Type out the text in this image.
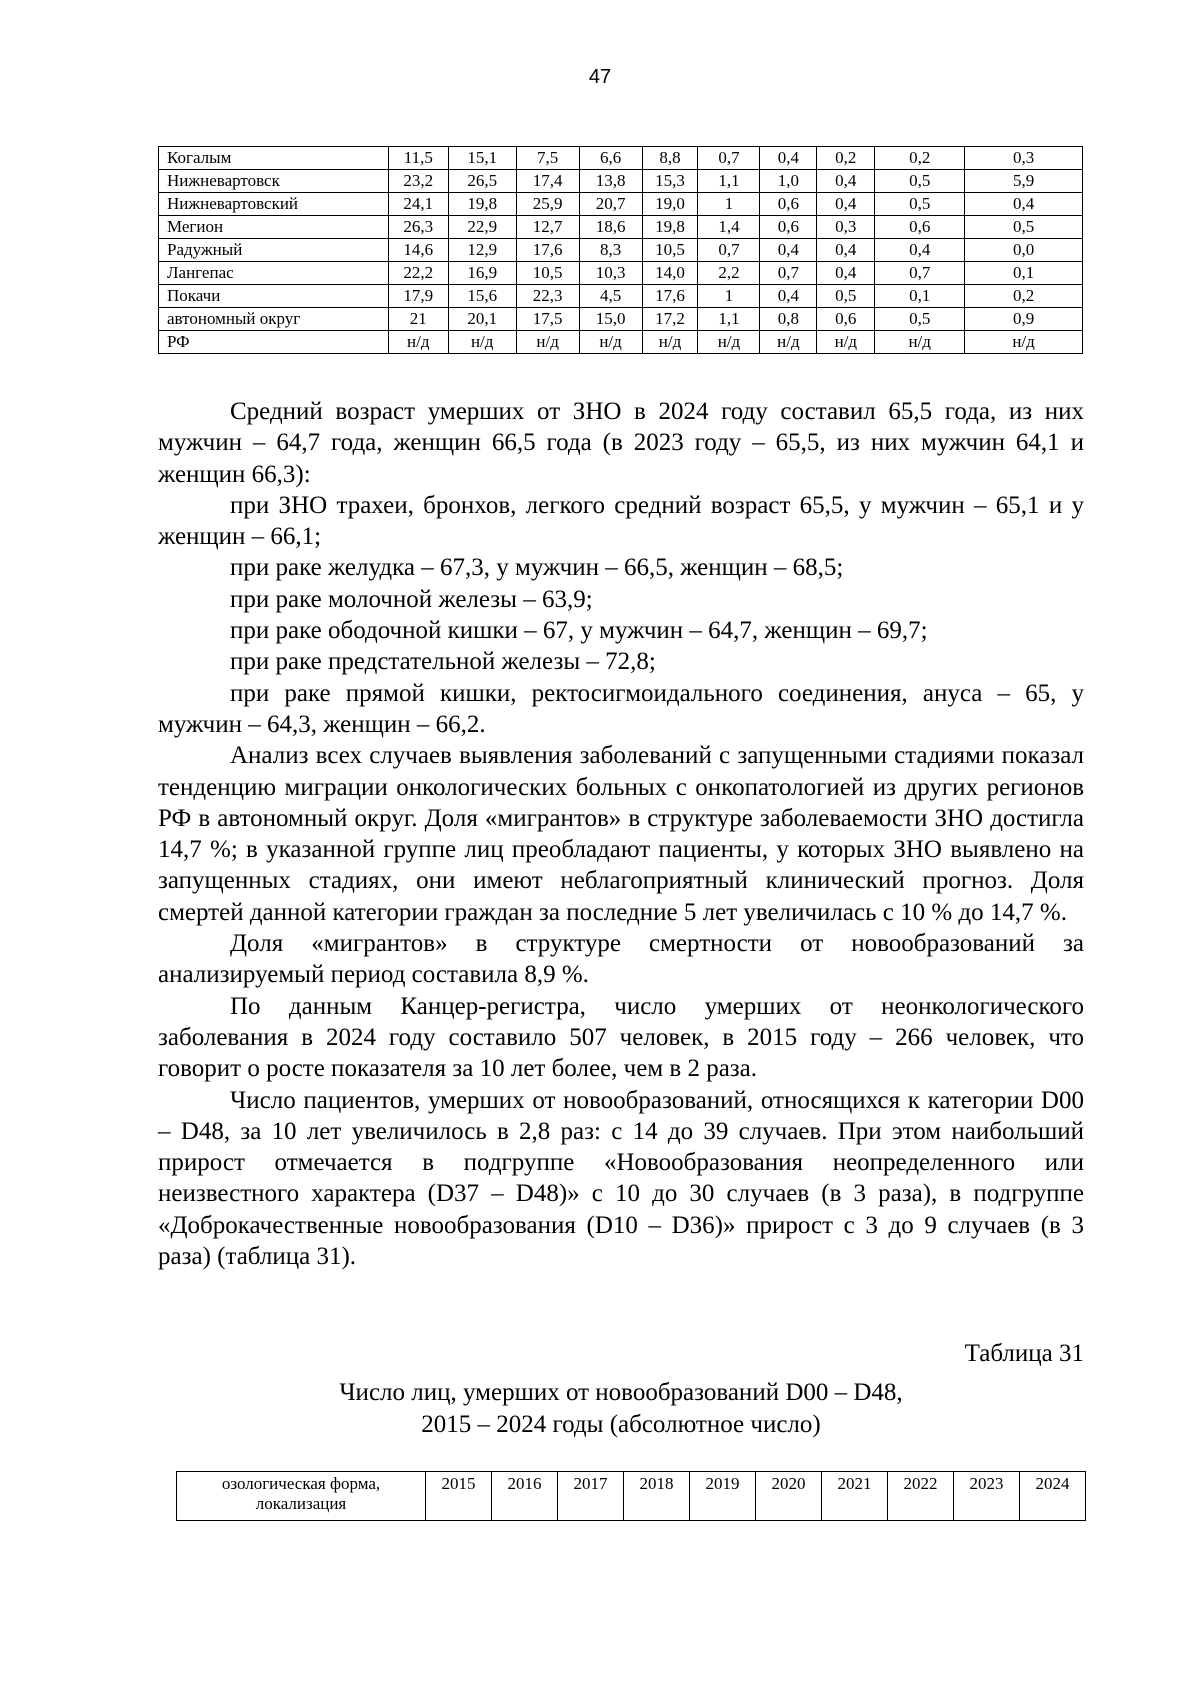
47
Когалым	11,5	15,1	7,5	6,6	8,8	0,7	0,4	0,2	0,2	0,3
Нижневартовск	23,2	26,5	17,4	13,8	15,3	1,1	1,0	0,4	0,5	5,9
Нижневартовский	24,1	19,8	25,9	20,7	19,0	1	0,6	0,4	0,5	0,4
Мегион	26,3	22,9	12,7	18,6	19,8	1,4	0,6	0,3	0,6	0,5
Радужный	14,6	12,9	17,6	8,3	10,5	0,7	0,4	0,4	0,4	0,0
Лангепас	22,2	16,9	10,5	10,3	14,0	2,2	0,7	0,4	0,7	0,1
Покачи	17,9	15,6	22,3	4,5	17,6	1	0,4	0,5	0,1	0,2
автономный округ	21	20,1	17,5	15,0	17,2	1,1	0,8	0,6	0,5	0,9
РФ	н/д	н/д	н/д	н/д	н/д	н/д	н/д	н/д	н/д	н/д

Средний возраст умерших от ЗНО в 2024 году составил 65,5 года, из них мужчин – 64,7 года, женщин 66,5 года (в 2023 году – 65,5, из них мужчин 64,1 и женщин 66,3):

при ЗНО трахеи, бронхов, легкого средний возраст 65,5, у мужчин – 65,1 и у женщин – 66,1;

при раке желудка – 67,3, у мужчин – 66,5, женщин – 68,5;

при раке молочной железы – 63,9;

при раке ободочной кишки – 67, у мужчин – 64,7, женщин – 69,7;

при раке предстательной железы – 72,8;

при раке прямой кишки, ректосигмоидального соединения, ануса – 65, у мужчин – 64,3, женщин – 66,2.

Анализ всех случаев выявления заболеваний с запущенными стадиями показал тенденцию миграции онкологических больных с онкопатологией из других регионов РФ в автономный округ. Доля «мигрантов» в структуре заболеваемости ЗНО достигла 14,7 %; в указанной группе лиц преобладают пациенты, у которых ЗНО выявлено на запущенных стадиях, они имеют неблагоприятный клинический прогноз. Доля смертей данной категории граждан за последние 5 лет увеличилась с 10 % до 14,7 %.

Доля «мигрантов» в структуре смертности от новообразований за анализируемый период составила 8,9 %.

По данным Канцер-регистра, число умерших от неонкологического заболевания в 2024 году составило 507 человек, в 2015 году – 266 человек, что говорит о росте показателя за 10 лет более, чем в 2 раза.

Число пациентов, умерших от новообразований, относящихся к категории D00 – D48, за 10 лет увеличилось в 2,8 раз: с 14 до 39 случаев. При этом наибольший прирост отмечается в подгруппе «Новообразования неопределенного или неизвестного характера (D37 – D48)» с 10 до 30 случаев (в 3 раза), в подгруппе «Доброкачественные новообразования (D10 – D36)» прирост с 3 до 9 случаев (в 3 раза) (таблица 31).

Таблица 31
Число лиц, умерших от новообразований D00 – D48,
2015 – 2024 годы (абсолютное число)
озологическая форма, локализация	2015	2016	2017	2018	2019	2020	2021	2022	2023	2024
